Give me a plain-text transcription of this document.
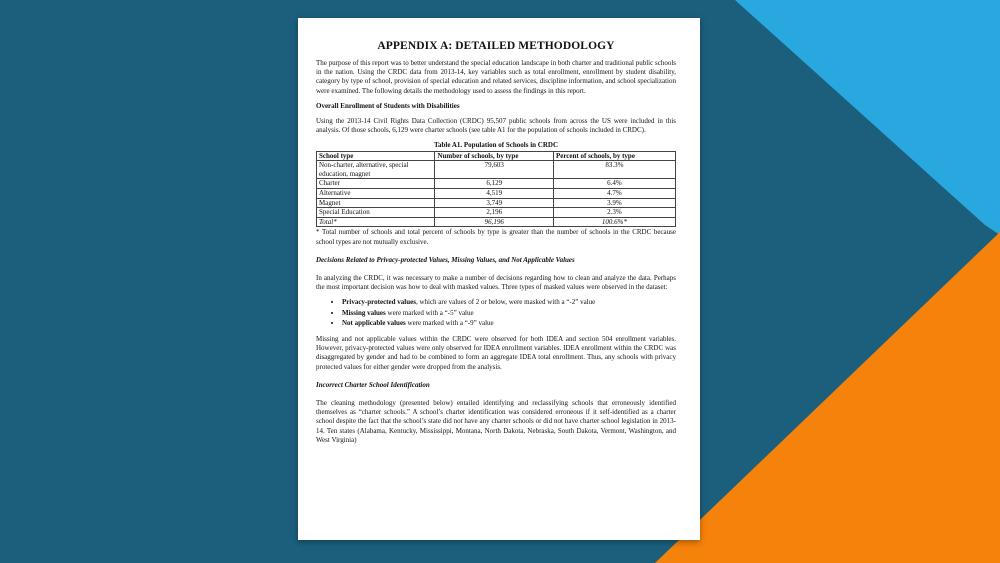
APPENDIX A: DETAILED METHODOLOGY

The purpose of this report was to better understand the special education landscape in both charter and traditional public schools in the nation. Using the CRDC data from 2013-14, key variables such as total enrollment, enrollment by student disability, category by type of school, provision of special education and related services, discipline information, and school specialization were examined. The following details the methodology used to assess the findings in this report.

Overall Enrollment of Students with Disabilities

Using the 2013-14 Civil Rights Data Collection (CRDC) 95,507 public schools from across the US were included in this analysis. Of those schools, 6,129 were charter schools (see table A1 for the population of schools included in CRDC).

Table A1. Population of Schools in CRDC
School type	Number of schools, by type	Percent of schools, by type
Non-charter, alternative, special education, magnet	79,603	83.3%
Charter	6,129	6.4%
Alternative	4,519	4.7%
Magnet	3,749	3.9%
Special Education	2,196	2.3%
Total*	96,196	100.6%*

* Total number of schools and total percent of schools by type is greater than the number of schools in the CRDC because school types are not mutually exclusive.

Decisions Related to Privacy-protected Values, Missing Values, and Not Applicable Values

In analyzing the CRDC, it was necessary to make a number of decisions regarding how to clean and analyze the data. Perhaps the most important decision was how to deal with masked values. Three types of masked values were observed in the dataset:

• Privacy-protected values, which are values of 2 or below, were masked with a “-2” value
• Missing values were marked with a “-5” value
• Not applicable values were marked with a “-9” value

Missing and not applicable values within the CRDC were observed for both IDEA and section 504 enrollment variables. However, privacy-protected values were only observed for IDEA enrollment variables. IDEA enrollment within the CRDC was disaggregated by gender and had to be combined to form an aggregate IDEA total enrollment. Thus, any schools with privacy protected values for either gender were dropped from the analysis.

Incorrect Charter School Identification

The cleaning methodology (presented below) entailed identifying and reclassifying schools that erroneously identified themselves as “charter schools.” A school’s charter identification was considered erroneous if it self-identified as a charter school despite the fact that the school’s state did not have any charter schools or did not have charter school legislation in 2013-14. Ten states (Alabama, Kentucky, Mississippi, Montana, North Dakota, Nebraska, South Dakota, Vermont, Washington, and West Virginia)
